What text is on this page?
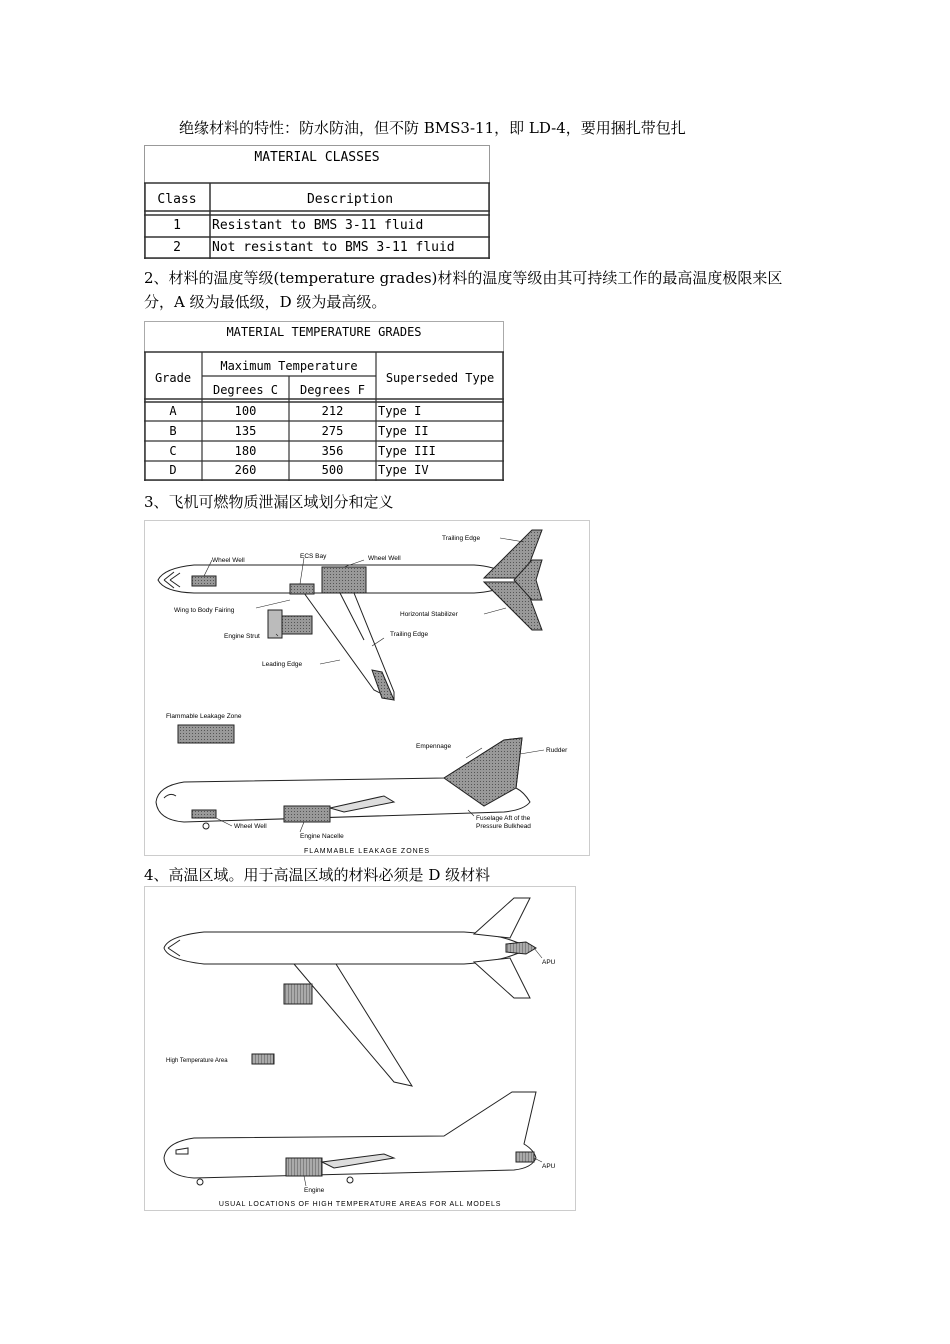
绝缘材料的特性：防水防油，但不防 BMS3-11，即 LD-4，要用捆扎带包扎
MATERIAL CLASSES
Class	Description
1	Resistant to BMS 3-11 fluid
2	Not resistant to BMS 3-11 fluid
2、材料的温度等级(temperature grades)材料的温度等级由其可持续工作的最高温度极限来区
分，A 级为最低级，D 级为最高级。
MATERIAL TEMPERATURE GRADES
Grade
Maximum Temperature
Degrees C	Degrees F
Superseded Type
A	100	212	Type I
B	135	275	Type II
C	180	356	Type III
D	260	500	Type IV
3、飞机可燃物质泄漏区域划分和定义
Trailing Edge
Wheel Well
ECS Bay	Wheel Well
Wing to Body Fairing
Horizontal Stabilizer
Engine Strut	Trailing Edge
Leading Edge
Flammable Leakage Zone
Empennage
Rudder
Wheel Well
Engine Nacelle
Fuselage Aft of the
Pressure Bulkhead
FLAMMABLE LEAKAGE ZONES
4、高温区域。用于高温区域的材料必须是 D 级材料
APU
High Temperature Area
APU
Engine
USUAL LOCATIONS OF HIGH TEMPERATURE AREAS FOR ALL MODELS
